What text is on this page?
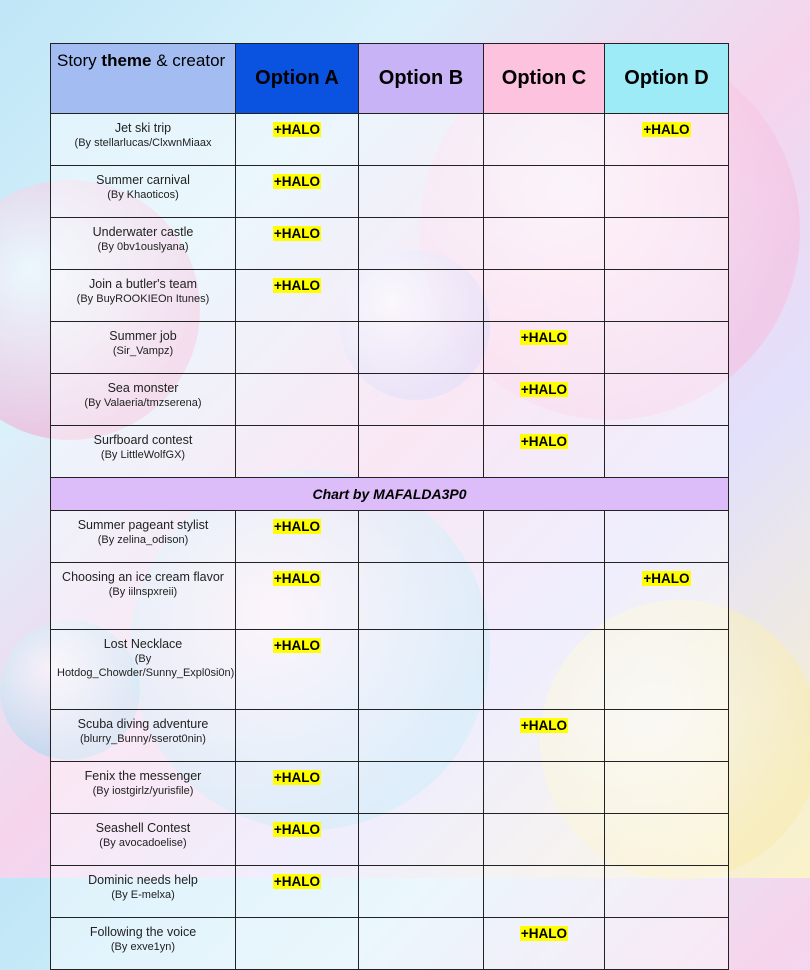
Story theme & creator	Option A	Option B	Option C	Option D

Jet ski trip
(By stellarlucas/ClxwnMiaax	+HALO			+HALO

Summer carnival
(By Khaoticos)	+HALO			

Underwater castle
(By 0bv1ouslyana)	+HALO			

Join a butler's team
(By BuyROOKIEOn Itunes)	+HALO			

Summer job
(Sir_Vampz)			+HALO	

Sea monster
(By Valaeria/tmzserena)			+HALO	

Surfboard contest
(By LittleWolfGX)			+HALO	
Chart by MAFALDA3P0				

Summer pageant stylist
(By zelina_odison)	+HALO			

Choosing an ice cream flavor
(By iilnspxreii)	+HALO			+HALO

Lost Necklace
(By Hotdog_Chowder/Sunny_Expl0si0n)	+HALO			

Scuba diving adventure
(blurry_Bunny/sserot0nin)			+HALO	

Fenix the messenger
(By iostgirlz/yurisfile)	+HALO			

Seashell Contest
(By avocadoelise)	+HALO			

Dominic needs help
(By E-melxa)	+HALO			

Following the voice
(By exve1yn)			+HALO	
